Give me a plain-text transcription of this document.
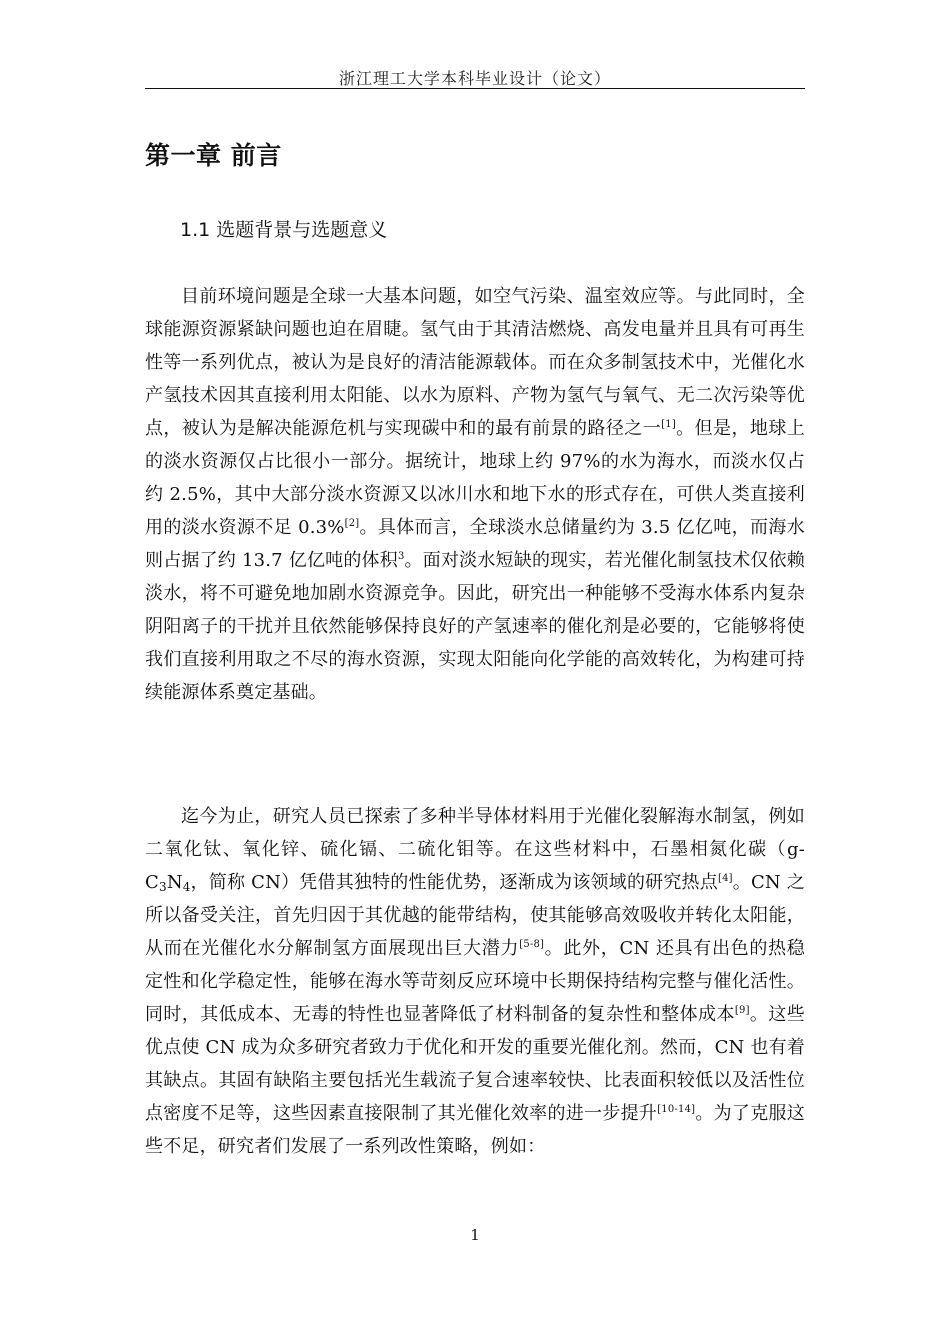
浙江理工大学本科毕业设计（论文）
第一章 前言
1.1 选题背景与选题意义

目前环境问题是全球一大基本问题，如空气污染、温室效应等。与此同时，全球能源资源紧缺问题也迫在眉睫。氢气由于其清洁燃烧、高发电量并且具有可再生性等一系列优点，被认为是良好的清洁能源载体。而在众多制氢技术中，光催化水产氢技术因其直接利用太阳能、以水为原料、产物为氢气与氧气、无二次污染等优点，被认为是解决能源危机与实现碳中和的最有前景的路径之一[1]。但是，地球上的淡水资源仅占比很小一部分。据统计，地球上约 97%的水为海水，而淡水仅占约 2.5%，其中大部分淡水资源又以冰川水和地下水的形式存在，可供人类直接利用的淡水资源不足 0.3%[2]。具体而言，全球淡水总储量约为 3.5 亿亿吨，而海水则占据了约 13.7 亿亿吨的体积$^3$。面对淡水短缺的现实，若光催化制氢技术仅依赖淡水，将不可避免地加剧水资源竞争。因此，研究出一种能够不受海水体系内复杂阴阳离子的干扰并且依然能够保持良好的产氢速率的催化剂是必要的，它能够将使我们直接利用取之不尽的海水资源，实现太阳能向化学能的高效转化，为构建可持续能源体系奠定基础。

迄今为止，研究人员已探索了多种半导体材料用于光催化裂解海水制氢，例如二氧化钛、氧化锌、硫化镉、二硫化钼等。在这些材料中，石墨相氮化碳（$g-C_3N_4$，简称 CN）凭借其独特的性能优势，逐渐成为该领域的研究热点[4]。CN 之所以备受关注，首先归因于其优越的能带结构，使其能够高效吸收并转化太阳能，从而在光催化水分解制氢方面展现出巨大潜力[5-8]。此外，CN 还具有出色的热稳定性和化学稳定性，能够在海水等苛刻反应环境中长期保持结构完整与催化活性。同时，其低成本、无毒的特性也显著降低了材料制备的复杂性和整体成本[9]。这些优点使 CN 成为众多研究者致力于优化和开发的重要光催化剂。然而，CN 也有着其缺点。其固有缺陷主要包括光生载流子复合速率较快、比表面积较低以及活性位点密度不足等，这些因素直接限制了其光催化效率的进一步提升[10-14]。为了克服这些不足，研究者们发展了一系列改性策略，例如：

1
